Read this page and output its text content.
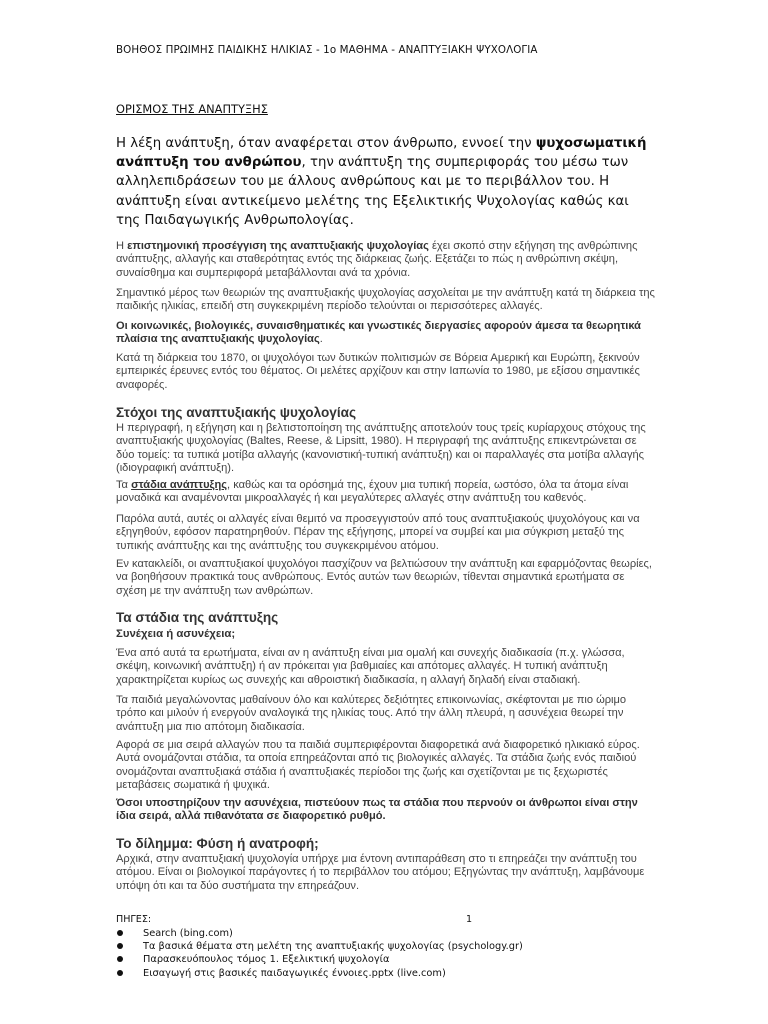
ΒΟΗΘΟΣ ΠΡΩΙΜΗΣ ΠΑΙΔΙΚΗΣ ΗΛΙΚΙΑΣ - 1ο ΜΑΘΗΜΑ - ΑΝΑΠΤΥΞΙΑΚΗ ΨΥΧΟΛΟΓΙΑ
ΟΡΙΣΜΟΣ ΤΗΣ ΑΝΑΠΤΥΞΗΣ

Η λέξη ανάπτυξη, όταν αναφέρεται στον άνθρωπο, εννοεί την ψυχοσωματική ανάπτυξη του ανθρώπου, την ανάπτυξη της συμπεριφοράς του μέσω των αλληλεπιδράσεων του με άλλους ανθρώπους και με το περιβάλλον του. Η ανάπτυξη είναι αντικείμενο μελέτης της Εξελικτικής Ψυχολογίας καθώς και της Παιδαγωγικής Ανθρωπολογίας.

Η επιστημονική προσέγγιση της αναπτυξιακής ψυχολογίας έχει σκοπό στην εξήγηση της ανθρώπινης ανάπτυξης, αλλαγής και σταθερότητας εντός της διάρκειας ζωής. Εξετάζει το πώς η ανθρώπινη σκέψη, συναίσθημα και συμπεριφορά μεταβάλλονται ανά τα χρόνια.

Σημαντικό μέρος των θεωριών της αναπτυξιακής ψυχολογίας ασχολείται με την ανάπτυξη κατά τη διάρκεια της παιδικής ηλικίας, επειδή στη συγκεκριμένη περίοδο τελούνται οι περισσότερες αλλαγές.

Οι κοινωνικές, βιολογικές, συναισθηματικές και γνωστικές διεργασίες αφορούν άμεσα τα θεωρητικά πλαίσια της αναπτυξιακής ψυχολογίας.

Κατά τη διάρκεια του 1870, οι ψυχολόγοι των δυτικών πολιτισμών σε Βόρεια Αμερική και Ευρώπη, ξεκινούν εμπειρικές έρευνες εντός του θέματος. Οι μελέτες αρχίζουν και στην Ιαπωνία το 1980, με εξίσου σημαντικές αναφορές.

Στόχοι της αναπτυξιακής ψυχολογίας

Η περιγραφή, η εξήγηση και η βελτιστοποίηση της ανάπτυξης αποτελούν τους τρείς κυρίαρχους στόχους της αναπτυξιακής ψυχολογίας (Baltes, Reese, & Lipsitt, 1980). Η περιγραφή της ανάπτυξης επικεντρώνεται σε δύο τομείς: τα τυπικά μοτίβα αλλαγής (κανονιστική-τυπική ανάπτυξη) και οι παραλλαγές στα μοτίβα αλλαγής (ιδιογραφική ανάπτυξη).

Τα στάδια ανάπτυξης, καθώς και τα ορόσημά της, έχουν μια τυπική πορεία, ωστόσο, όλα τα άτομα είναι μοναδικά και αναμένονται μικροαλλαγές ή και μεγαλύτερες αλλαγές στην ανάπτυξη του καθενός.

Παρόλα αυτά, αυτές οι αλλαγές είναι θεμιτό να προσεγγιστούν από τους αναπτυξιακούς ψυχολόγους και να εξηγηθούν, εφόσον παρατηρηθούν. Πέραν της εξήγησης, μπορεί να συμβεί και μια σύγκριση μεταξύ της τυπικής ανάπτυξης και της ανάπτυξης του συγκεκριμένου ατόμου.

Εν κατακλείδι, οι αναπτυξιακοί ψυχολόγοι πασχίζουν να βελτιώσουν την ανάπτυξη και εφαρμόζοντας θεωρίες, να βοηθήσουν πρακτικά τους ανθρώπους. Εντός αυτών των θεωριών, τίθενται σημαντικά ερωτήματα σε σχέση με την ανάπτυξη των ανθρώπων.

Τα στάδια της ανάπτυξης
Συνέχεια ή ασυνέχεια;

Ένα από αυτά τα ερωτήματα, είναι αν η ανάπτυξη είναι μια ομαλή και συνεχής διαδικασία (π.χ. γλώσσα, σκέψη, κοινωνική ανάπτυξη) ή αν πρόκειται για βαθμιαίες και απότομες αλλαγές. Η τυπική ανάπτυξη χαρακτηρίζεται κυρίως ως συνεχής και αθροιστική διαδικασία, η αλλαγή δηλαδή είναι σταδιακή.

Τα παιδιά μεγαλώνοντας μαθαίνουν όλο και καλύτερες δεξιότητες επικοινωνίας, σκέφτονται με πιο ώριμο τρόπο και μιλούν ή ενεργούν αναλογικά της ηλικίας τους. Από την άλλη πλευρά, η ασυνέχεια θεωρεί την ανάπτυξη μια πιο απότομη διαδικασία.

Αφορά σε μια σειρά αλλαγών που τα παιδιά συμπεριφέρονται διαφορετικά ανά διαφορετικό ηλικιακό εύρος. Αυτά ονομάζονται στάδια, τα οποία επηρεάζονται από τις βιολογικές αλλαγές. Τα στάδια ζωής ενός παιδιού ονομάζονται αναπτυξιακά στάδια ή αναπτυξιακές περίοδοι της ζωής και σχετίζονται με τις ξεχωριστές μεταβάσεις σωματικά ή ψυχικά.

Όσοι υποστηρίζουν την ασυνέχεια, πιστεύουν πως τα στάδια που περνούν οι άνθρωποι είναι στην ίδια σειρά, αλλά πιθανότατα σε διαφορετικό ρυθμό.

Το δίλημμα: Φύση ή ανατροφή;

Αρχικά, στην αναπτυξιακή ψυχολογία υπήρχε μια έντονη αντιπαράθεση στο τι επηρεάζει την ανάπτυξη του ατόμου. Είναι οι βιολογικοί παράγοντες ή το περιβάλλον του ατόμου; Εξηγώντας την ανάπτυξη, λαμβάνουμε υπόψη ότι και τα δύο συστήματα την επηρεάζουν.

ΠΗΓΕΣ:	1
Search (bing.com)
Τα βασικά θέματα στη μελέτη της αναπτυξιακής ψυχολογίας (psychology.gr)
Παρασκευόπουλος τόμος 1. Εξελικτική ψυχολογία
Εισαγωγή στις βασικές παιδαγωγικές έννοιες.pptx (live.com)
